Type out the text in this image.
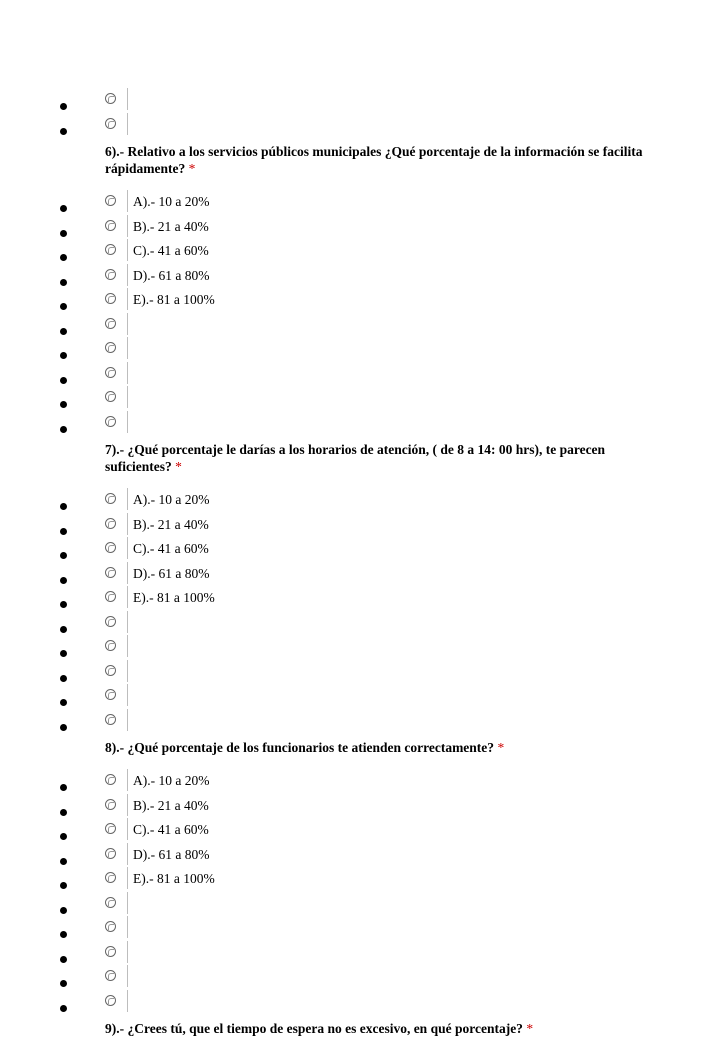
6).- Relativo a los servicios públicos municipales ¿Qué porcentaje de la información se facilita rápidamente? *
A).- 10 a 20%
B).- 21 a 40%
C).- 41 a 60%
D).- 61 a 80%
E).- 81 a 100%
7).- ¿Qué porcentaje le darías a los horarios de atención, ( de 8 a 14: 00 hrs), te parecen suficientes? *
A).- 10 a 20%
B).- 21 a 40%
C).- 41 a 60%
D).- 61 a 80%
E).- 81 a 100%
8).- ¿Qué porcentaje de los funcionarios te atienden correctamente? *
A).- 10 a 20%
B).- 21 a 40%
C).- 41 a 60%
D).- 61 a 80%
E).- 81 a 100%
9).- ¿Crees tú, que el tiempo de espera no es excesivo, en qué porcentaje? *
